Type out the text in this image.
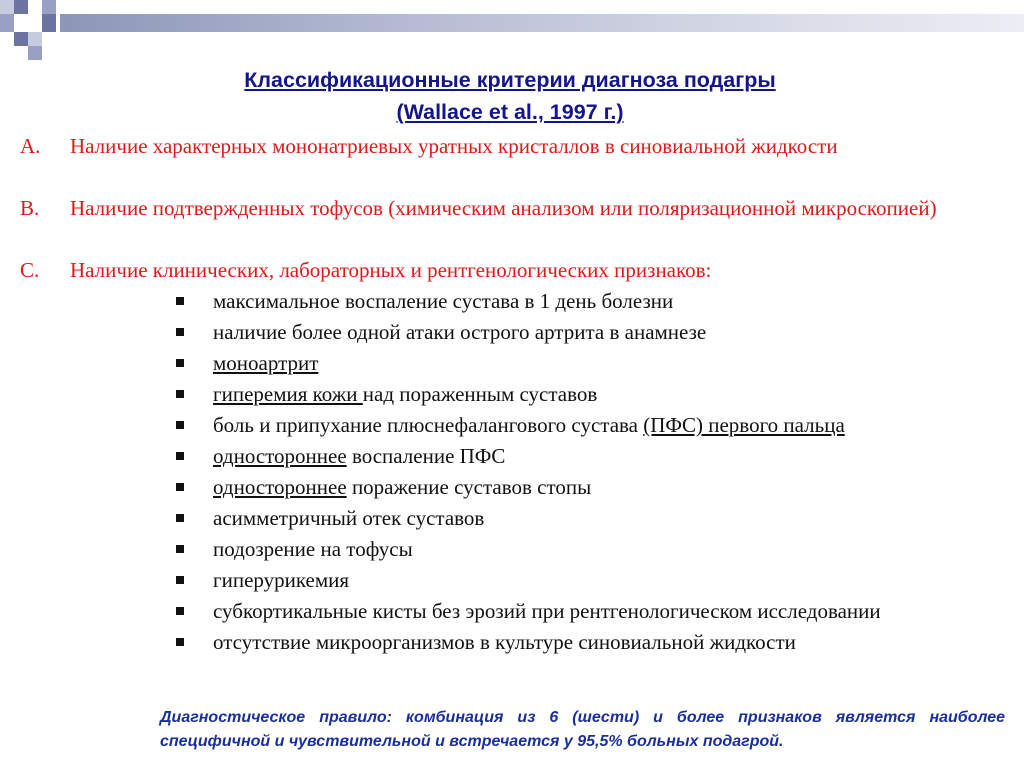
Классификационные критерии диагноза подагры
(Wallace et al., 1997 г.)
A. Наличие характерных мононатриевых уратных кристаллов в синовиальной жидкости
B. Наличие подтвержденных тофусов (химическим анализом или поляризационной микроскопией)
C. Наличие клинических, лабораторных и рентгенологических признаков:
максимальное воспаление сустава в 1 день болезни
наличие более одной атаки острого артрита в анамнезе
моноартрит
гиперемия кожи над пораженным суставов
боль и припухание плюснефалангового сустава (ПФС) первого пальца
одностороннее воспаление ПФС
одностороннее поражение суставов стопы
асимметричный отек суставов
подозрение на тофусы
гиперурикемия
субкортикальные кисты без эрозий при рентгенологическом исследовании
отсутствие микроорганизмов в культуре синовиальной жидкости
Диагностическое правило: комбинация из 6 (шести) и более признаков является наиболее специфичной и чувствительной и встречается у 95,5% больных подагрой.
